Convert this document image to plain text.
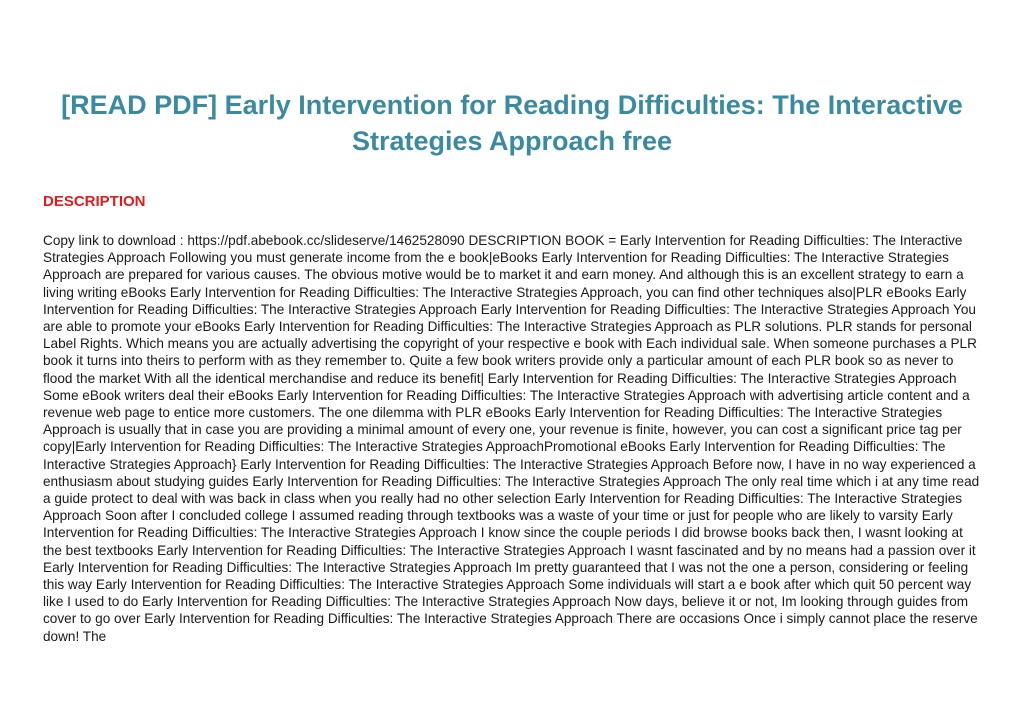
[READ PDF] Early Intervention for Reading Difficulties: The Interactive Strategies Approach free
DESCRIPTION

Copy link to download : https://pdf.abebook.cc/slideserve/1462528090 DESCRIPTION BOOK = Early Intervention for Reading Difficulties: The Interactive Strategies Approach Following you must generate income from the e book|eBooks Early Intervention for Reading Difficulties: The Interactive Strategies Approach are prepared for various causes. The obvious motive would be to market it and earn money. And although this is an excellent strategy to earn a living writing eBooks Early Intervention for Reading Difficulties: The Interactive Strategies Approach, you can find other techniques also|PLR eBooks Early Intervention for Reading Difficulties: The Interactive Strategies Approach Early Intervention for Reading Difficulties: The Interactive Strategies Approach You are able to promote your eBooks Early Intervention for Reading Difficulties: The Interactive Strategies Approach as PLR solutions. PLR stands for personal Label Rights. Which means you are actually advertising the copyright of your respective e book with Each individual sale. When someone purchases a PLR book it turns into theirs to perform with as they remember to. Quite a few book writers provide only a particular amount of each PLR book so as never to flood the market With all the identical merchandise and reduce its benefit| Early Intervention for Reading Difficulties: The Interactive Strategies Approach Some eBook writers deal their eBooks Early Intervention for Reading Difficulties: The Interactive Strategies Approach with advertising article content and a revenue web page to entice more customers. The one dilemma with PLR eBooks Early Intervention for Reading Difficulties: The Interactive Strategies Approach is usually that in case you are providing a minimal amount of every one, your revenue is finite, however, you can cost a significant price tag per copy|Early Intervention for Reading Difficulties: The Interactive Strategies ApproachPromotional eBooks Early Intervention for Reading Difficulties: The Interactive Strategies Approach} Early Intervention for Reading Difficulties: The Interactive Strategies Approach Before now, I have in no way experienced a enthusiasm about studying guides Early Intervention for Reading Difficulties: The Interactive Strategies Approach The only real time which i at any time read a guide protect to deal with was back in class when you really had no other selection Early Intervention for Reading Difficulties: The Interactive Strategies Approach Soon after I concluded college I assumed reading through textbooks was a waste of your time or just for people who are likely to varsity Early Intervention for Reading Difficulties: The Interactive Strategies Approach I know since the couple periods I did browse books back then, I wasnt looking at the best textbooks Early Intervention for Reading Difficulties: The Interactive Strategies Approach I wasnt fascinated and by no means had a passion over it Early Intervention for Reading Difficulties: The Interactive Strategies Approach Im pretty guaranteed that I was not the one a person, considering or feeling this way Early Intervention for Reading Difficulties: The Interactive Strategies Approach Some individuals will start a e book after which quit 50 percent way like I used to do Early Intervention for Reading Difficulties: The Interactive Strategies Approach Now days, believe it or not, Im looking through guides from cover to go over Early Intervention for Reading Difficulties: The Interactive Strategies Approach There are occasions Once i simply cannot place the reserve down! The
